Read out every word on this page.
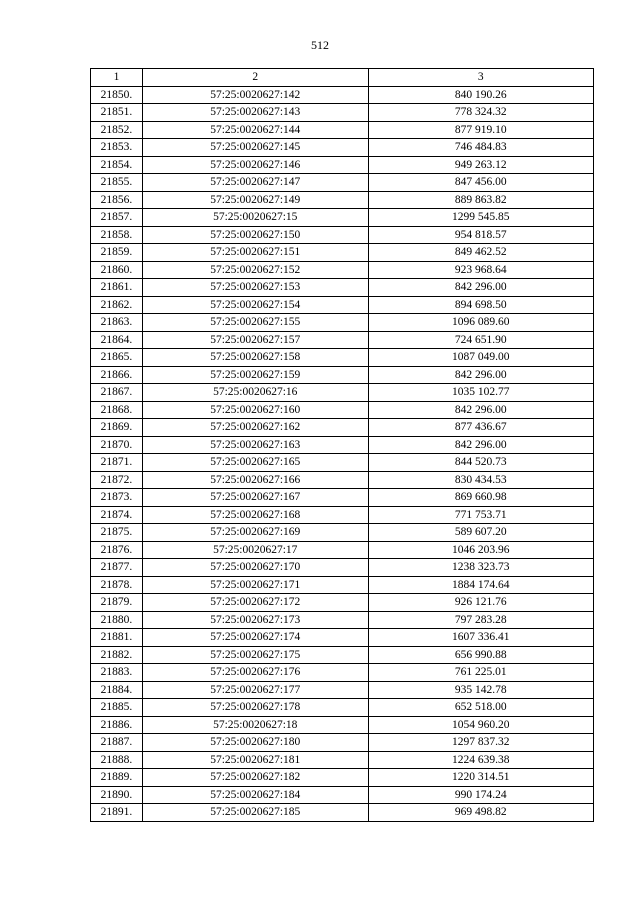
512
1	2	3
21850.	57:25:0020627:142	840 190.26
21851.	57:25:0020627:143	778 324.32
21852.	57:25:0020627:144	877 919.10
21853.	57:25:0020627:145	746 484.83
21854.	57:25:0020627:146	949 263.12
21855.	57:25:0020627:147	847 456.00
21856.	57:25:0020627:149	889 863.82
21857.	57:25:0020627:15	1299 545.85
21858.	57:25:0020627:150	954 818.57
21859.	57:25:0020627:151	849 462.52
21860.	57:25:0020627:152	923 968.64
21861.	57:25:0020627:153	842 296.00
21862.	57:25:0020627:154	894 698.50
21863.	57:25:0020627:155	1096 089.60
21864.	57:25:0020627:157	724 651.90
21865.	57:25:0020627:158	1087 049.00
21866.	57:25:0020627:159	842 296.00
21867.	57:25:0020627:16	1035 102.77
21868.	57:25:0020627:160	842 296.00
21869.	57:25:0020627:162	877 436.67
21870.	57:25:0020627:163	842 296.00
21871.	57:25:0020627:165	844 520.73
21872.	57:25:0020627:166	830 434.53
21873.	57:25:0020627:167	869 660.98
21874.	57:25:0020627:168	771 753.71
21875.	57:25:0020627:169	589 607.20
21876.	57:25:0020627:17	1046 203.96
21877.	57:25:0020627:170	1238 323.73
21878.	57:25:0020627:171	1884 174.64
21879.	57:25:0020627:172	926 121.76
21880.	57:25:0020627:173	797 283.28
21881.	57:25:0020627:174	1607 336.41
21882.	57:25:0020627:175	656 990.88
21883.	57:25:0020627:176	761 225.01
21884.	57:25:0020627:177	935 142.78
21885.	57:25:0020627:178	652 518.00
21886.	57:25:0020627:18	1054 960.20
21887.	57:25:0020627:180	1297 837.32
21888.	57:25:0020627:181	1224 639.38
21889.	57:25:0020627:182	1220 314.51
21890.	57:25:0020627:184	990 174.24
21891.	57:25:0020627:185	969 498.82
